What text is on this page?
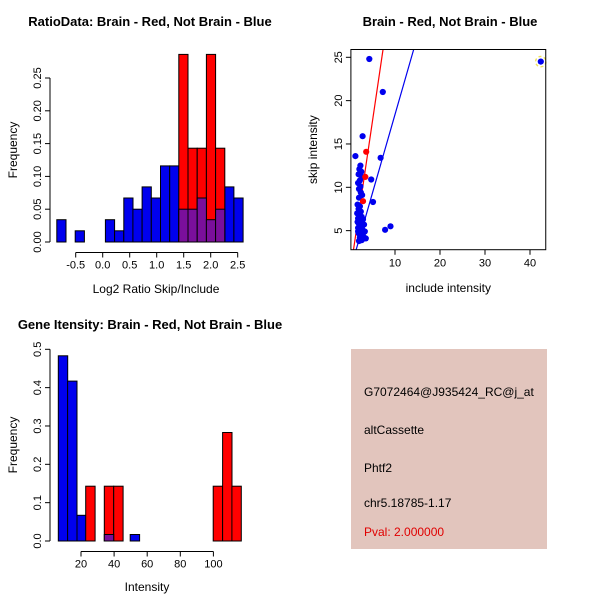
0.00
0.05
0.10
0.15
0.20
0.25
-0.5 0.0 0.5 1.0 1.5 2.0 2.5
Log2 Ratio Skip/Include
Frequency
RatioData: Brain - Red, Not Brain - Blue
10	20	30	40
5
10
15
20
25
include intensity
skip intensity
Brain - Red, Not Brain - Blue
0.0
0.1
0.2
0.3
0.4
0.5
20 40 60 80 100
Intensity
Frequency
Gene Itensity: Brain - Red, Not Brain - Blue
G7072464@J935424_RC@j_at
altCassette
Phtf2
chr5.18785-1.17
Pval: 2.000000
